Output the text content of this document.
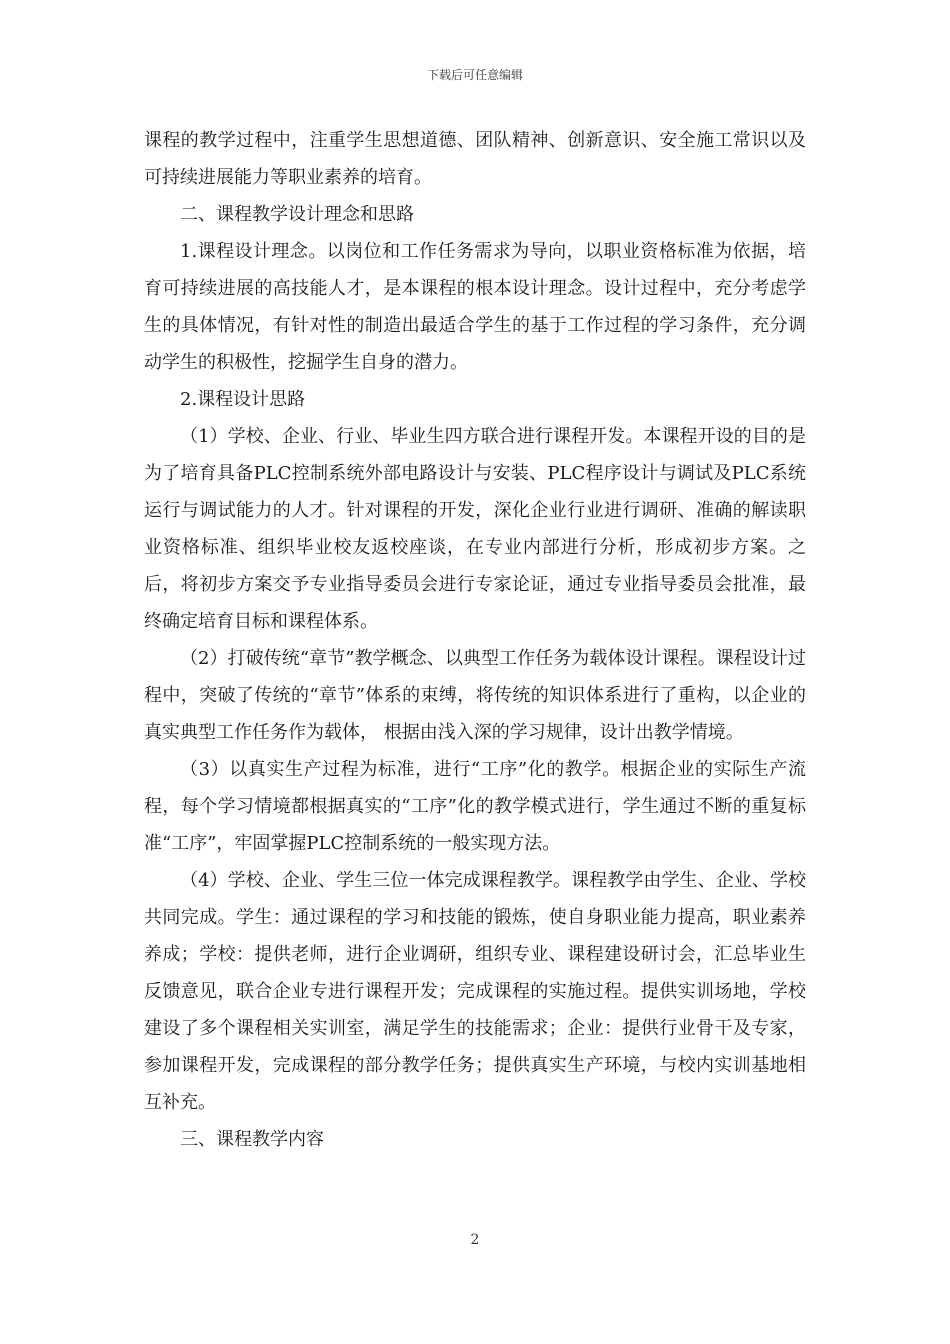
下载后可任意编辑

课程的教学过程中，注重学生思想道德、团队精神、创新意识、安全施工常识以及可持续进展能力等职业素养的培育。

二、课程教学设计理念和思路

1.课程设计理念。以岗位和工作任务需求为导向，以职业资格标准为依据，培育可持续进展的高技能人才，是本课程的根本设计理念。设计过程中，充分考虑学生的具体情况，有针对性的制造出最适合学生的基于工作过程的学习条件，充分调动学生的积极性，挖掘学生自身的潜力。

2.课程设计思路

（1）学校、企业、行业、毕业生四方联合进行课程开发。本课程开设的目的是为了培育具备PLC控制系统外部电路设计与安装、PLC程序设计与调试及PLC系统运行与调试能力的人才。针对课程的开发，深化企业行业进行调研、准确的解读职业资格标准、组织毕业校友返校座谈，在专业内部进行分析，形成初步方案。之后，将初步方案交予专业指导委员会进行专家论证，通过专业指导委员会批准，最终确定培育目标和课程体系。

（2）打破传统“章节”教学概念、以典型工作任务为载体设计课程。课程设计过程中，突破了传统的“章节”体系的束缚，将传统的知识体系进行了重构，以企业的真实典型工作任务作为载体， 根据由浅入深的学习规律，设计出教学情境。

（3）以真实生产过程为标准，进行“工序”化的教学。根据企业的实际生产流程，每个学习情境都根据真实的“工序”化的教学模式进行，学生通过不断的重复标准“工序”，牢固掌握PLC控制系统的一般实现方法。

（4）学校、企业、学生三位一体完成课程教学。课程教学由学生、企业、学校共同完成。学生：通过课程的学习和技能的锻炼，使自身职业能力提高，职业素养养成；学校：提供老师，进行企业调研，组织专业、课程建设研讨会，汇总毕业生反馈意见，联合企业专进行课程开发；完成课程的实施过程。提供实训场地，学校建设了多个课程相关实训室，满足学生的技能需求；企业：提供行业骨干及专家，参加课程开发，完成课程的部分教学任务；提供真实生产环境，与校内实训基地相互补充。

三、课程教学内容

2
